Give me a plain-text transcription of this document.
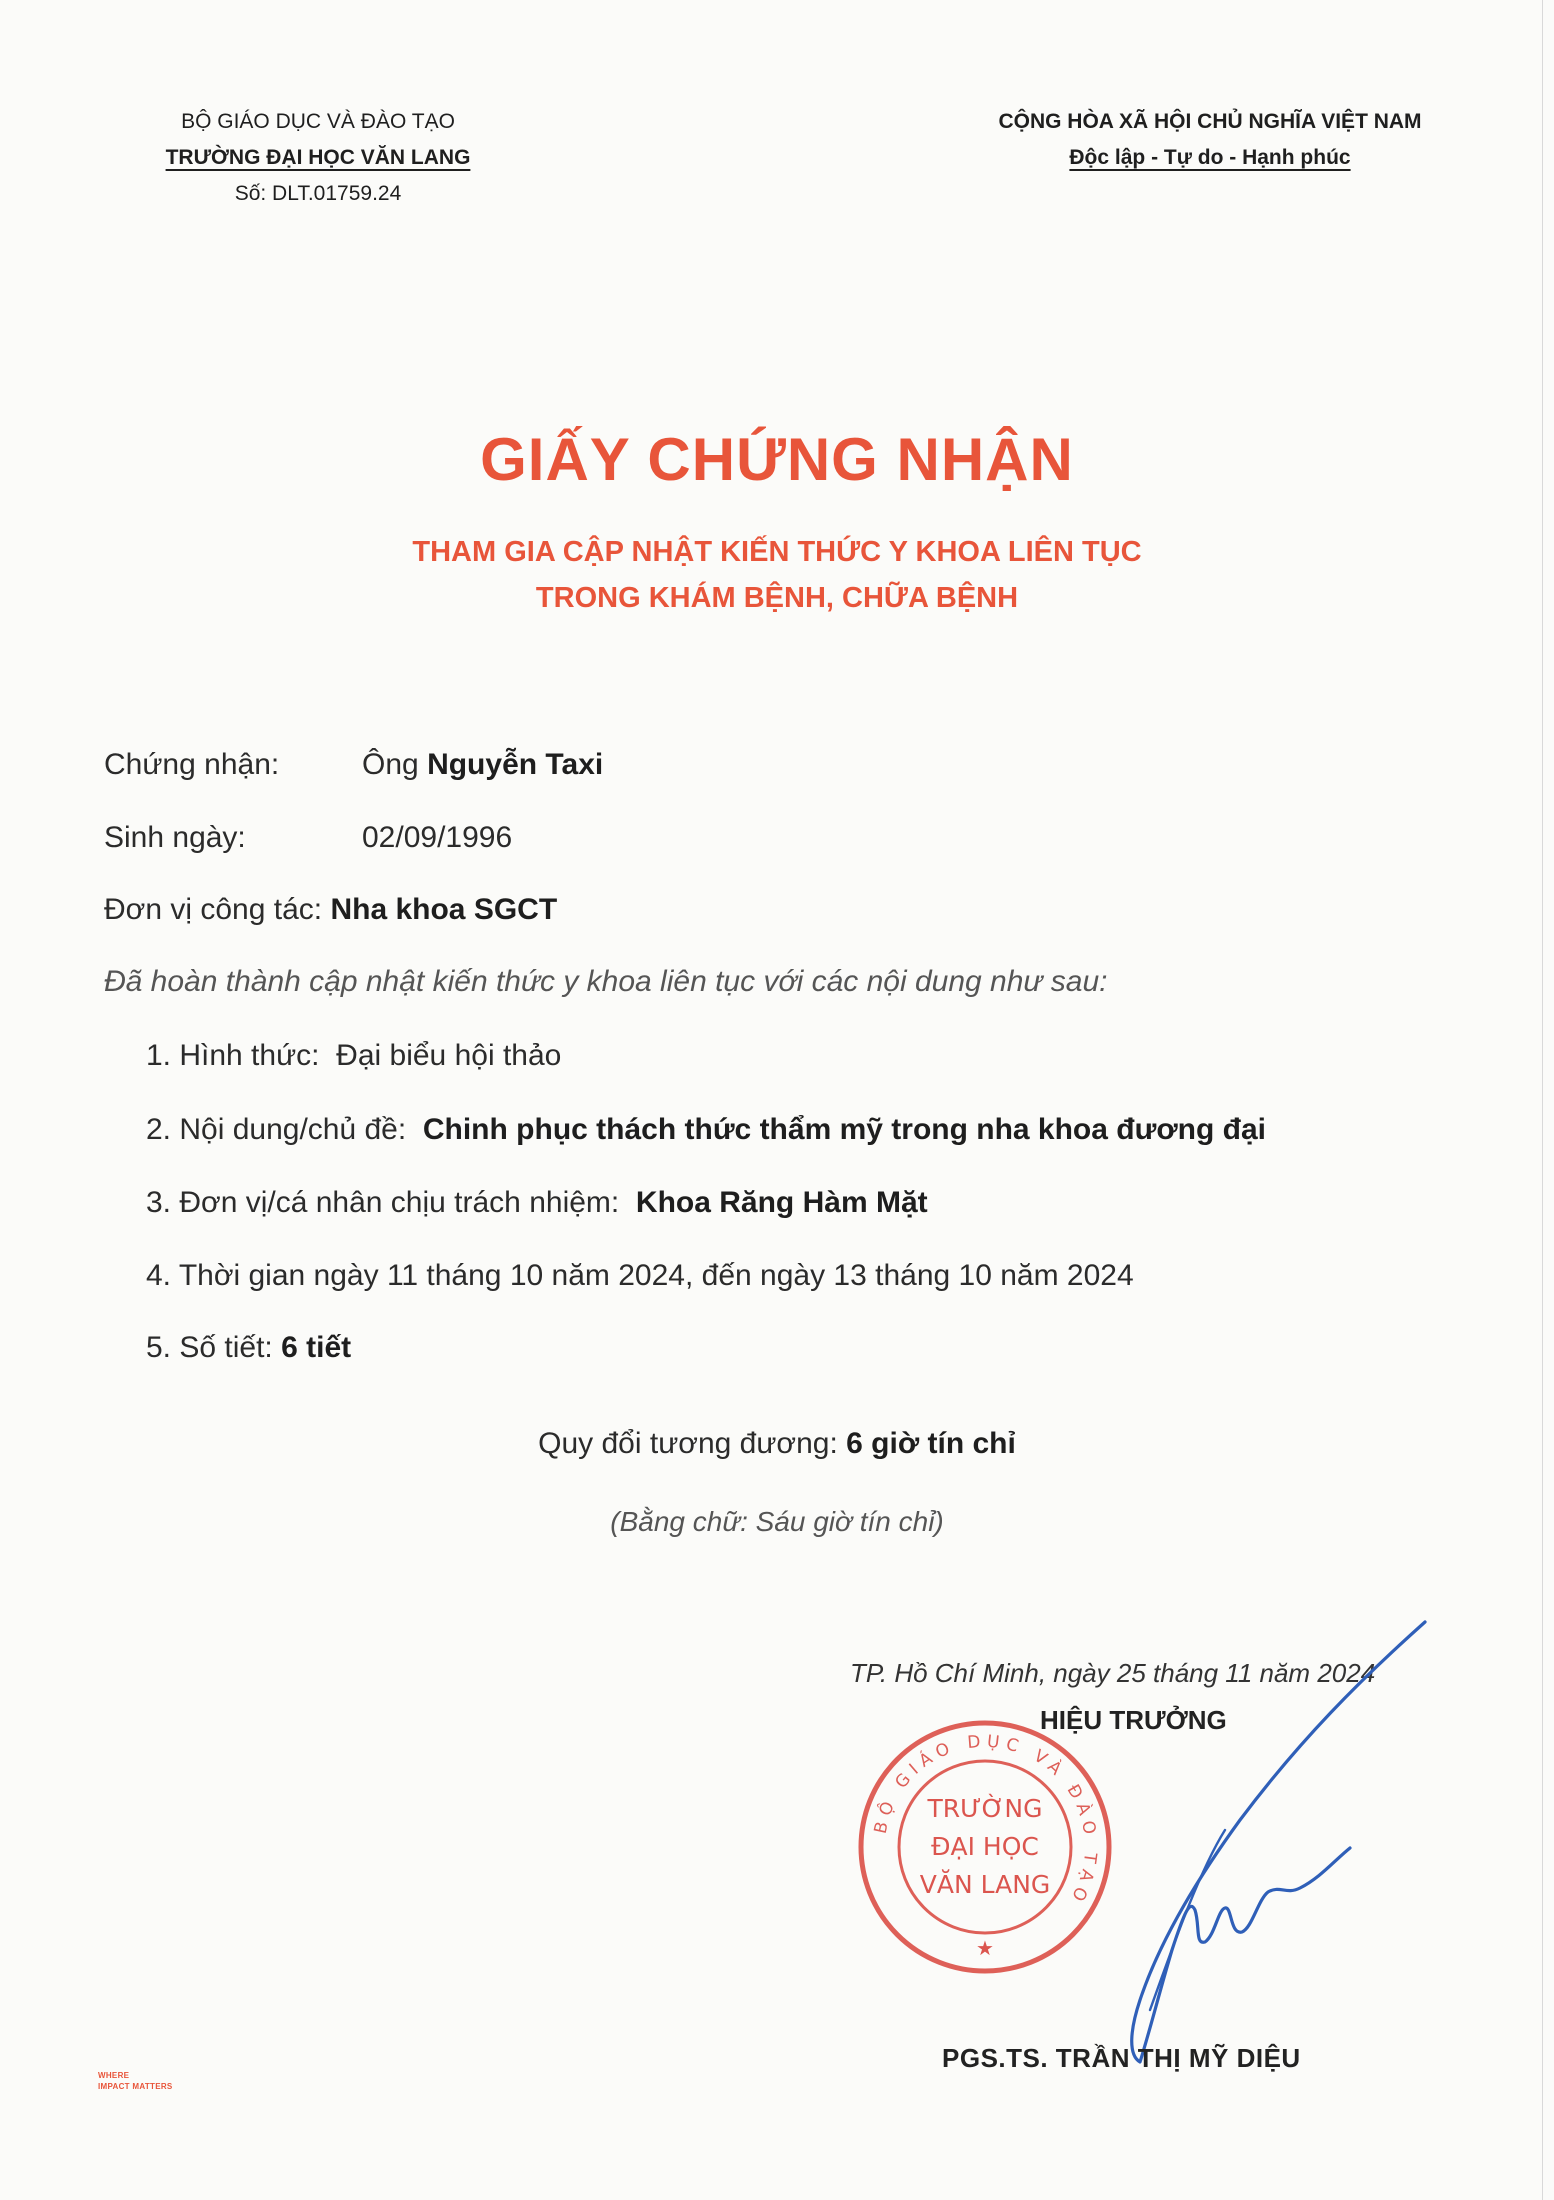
BỘ GIÁO DỤC VÀ ĐÀO TẠO
TRƯỜNG ĐẠI HỌC VĂN LANG
Số: DLT.01759.24
CỘNG HÒA XÃ HỘI CHỦ NGHĨA VIỆT NAM
Độc lập - Tự do - Hạnh phúc
GIẤY CHỨNG NHẬN
THAM GIA CẬP NHẬT KIẾN THỨC Y KHOA LIÊN TỤC
TRONG KHÁM BỆNH, CHỮA BỆNH
Chứng nhận:	Ông Nguyễn Taxi
Sinh ngày:	02/09/1996
Đơn vị công tác: Nha khoa SGCT
Đã hoàn thành cập nhật kiến thức y khoa liên tục với các nội dung như sau:
1. Hình thức: Đại biểu hội thảo
2. Nội dung/chủ đề: Chinh phục thách thức thẩm mỹ trong nha khoa đương đại
3. Đơn vị/cá nhân chịu trách nhiệm: Khoa Răng Hàm Mặt
4. Thời gian ngày 11 tháng 10 năm 2024, đến ngày 13 tháng 10 năm 2024
5. Số tiết: 6 tiết
Quy đổi tương đương: 6 giờ tín chỉ
(Bằng chữ: Sáu giờ tín chỉ)
TP. Hồ Chí Minh, ngày 25 tháng 11 năm 2024
HIỆU TRƯỞNG
BỘ GIÁO DỤC VÀ ĐÀO TẠO
TRƯỜNG
ĐẠI HỌC
VĂN LANG
★
PGS.TS. TRẦN THỊ MỸ DIỆU
WHERE
IMPACT MATTERS
